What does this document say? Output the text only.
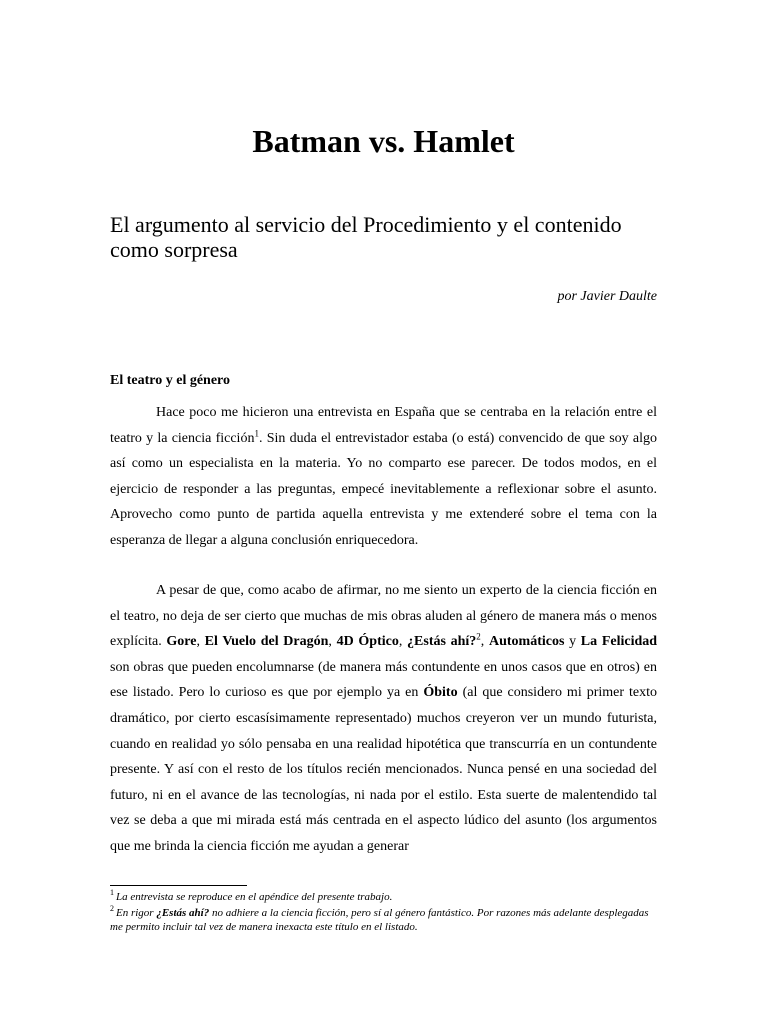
Batman vs. Hamlet
El argumento al servicio del Procedimiento y el contenido como sorpresa

por Javier Daulte

El teatro y el género

Hace poco me hicieron una entrevista en España que se centraba en la relación entre el teatro y la ciencia ficción$^1$. Sin duda el entrevistador estaba (o está) convencido de que soy algo así como un especialista en la materia. Yo no comparto ese parecer. De todos modos, en el ejercicio de responder a las preguntas, empecé inevitablemente a reflexionar sobre el asunto. Aprovecho como punto de partida aquella entrevista y me extenderé sobre el tema con la esperanza de llegar a alguna conclusión enriquecedora.

A pesar de que, como acabo de afirmar, no me siento un experto de la ciencia ficción en el teatro, no deja de ser cierto que muchas de mis obras aluden al género de manera más o menos explícita. Gore, El Vuelo del Dragón, 4D Óptico, ¿Estás ahí?$^2$, Automáticos y La Felicidad son obras que pueden encolumnarse (de manera más contundente en unos casos que en otros) en ese listado. Pero lo curioso es que por ejemplo ya en Óbito (al que considero mi primer texto dramático, por cierto escasísimamente representado) muchos creyeron ver un mundo futurista, cuando en realidad yo sólo pensaba en una realidad hipotética que transcurría en un contundente presente. Y así con el resto de los títulos recién mencionados. Nunca pensé en una sociedad del futuro, ni en el avance de las tecnologías, ni nada por el estilo. Esta suerte de malentendido tal vez se deba a que mi mirada está más centrada en el aspecto lúdico del asunto (los argumentos que me brinda la ciencia ficción me ayudan a generar

$^1$ La entrevista se reproduce en el apéndice del presente trabajo.

$^2$ En rigor ¿Estás ahí? no adhiere a la ciencia ficción, pero sí al género fantástico. Por razones más adelante desplegadas me permito incluir tal vez de manera inexacta este título en el listado.
